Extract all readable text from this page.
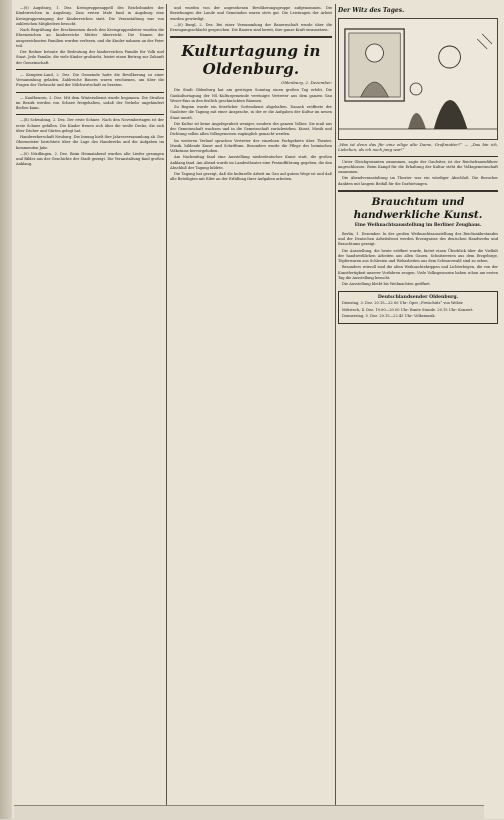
—(0) Augsburg, 1. Dez. Kreisgruppenappell des Reichsbundes der Kinderreichen in Augsburg. Zum ersten Male fand in Augsburg eine Kreisgruppentagung der Kinderreichen statt. Die Veranstaltung war von zahlreichen Mitgliedern besucht.

Nach Begrüßung der Erschienenen durch den Kreisgruppenleiter wurden die Ehrenzeichen an kinderreiche Mütter überreicht. Die Namen der ausgezeichneten Familien wurden verlesen, und die Kinder nahmen an der Feier teil.

Der Redner betonte die Bedeutung der kinderreichen Familie für Volk und Staat. Jede Familie, die viele Kinder großzieht, leistet einen Beitrag zur Zukunft der Gemeinschaft.

— Kempten-Land, 2. Dez. Die Gemeinde hatte die Bevölkerung zu einer Versammlung geladen. Zahlreiche Bauern waren erschienen, um über die Fragen der Viehzucht und der Milchwirtschaft zu beraten.

— Kaufbeuren, 2. Dez. Mit dem Wintersdienst wurde begonnen. Die Straßen im Bezirk werden von Schnee freigehalten, sodaß der Verkehr ungehindert fließen kann.

—(ß) Schwabing, 2. Dez. Der erste Schnee. Nach den Novembertagen ist der erste Schnee gefallen. Die Kinder freuen sich über die weiße Decke, die sich über Dächer und Gärten gelegt hat.

Handwerkerschaft Neuburg. Die Innung hielt ihre Jahresversammlung ab. Der Obermeister berichtete über die Lage des Handwerks und die Aufgaben im kommenden Jahr.

—(0) Nördlingen, 2. Dez. Beim Heimatabend wurden alte Lieder gesungen und Bilder aus der Geschichte der Stadt gezeigt. Die Veranstaltung fand großen Anklang.

und wurden von der angesehenen Bevölkerungsgruppe aufgenommen. Die Beziehungen der Lande und Gemeinden waren stets gut. Die Leistungen der Arbeit wurden gewürdigt.

—(0) Burgl, 2. Dez. Bei einer Versammlung der Bauernschaft wurde über die Erzeugungsschlacht gesprochen. Die Bauern sind bereit, ihre ganze Kraft einzusetzen.

Kulturtagung in Oldenburg.
Oldenburg, 2. Dezember.

Die Stadt Oldenburg hat am gestrigen Sonntag einen großen Tag erlebt. Die Gaukulturtagung der NS.-Kulturgemeinde vereinigte Vertreter aus dem ganzen Gau Weser-Ems in den festlich geschmückten Räumen.

Zu Beginn wurde ein feierlicher Gottesdienst abgehalten. Danach eröffnete der Gauleiter die Tagung mit einer Ansprache, in der er die Aufgaben der Kultur im neuen Staat umriß.

Die Kultur ist keine Angelegenheit weniger, sondern des ganzen Volkes. Sie muß aus der Gemeinschaft wachsen und in die Gemeinschaft zurückwirken. Kunst, Musik und Dichtung sollen allen Volksgenossen zugänglich gemacht werden.

Im weiteren Verlauf sprachen Vertreter der einzelnen Fachgebiete über Theater, Musik, bildende Kunst und Schrifttum. Besonders wurde die Pflege des heimischen Volkstums hervorgehoben.

Am Nachmittag fand eine Ausstellung niederdeutscher Kunst statt, die großen Anklang fand. Am Abend wurde im Landestheater eine Festaufführung gegeben, die den Abschluß der Tagung bildete.

Die Tagung hat gezeigt, daß die kulturelle Arbeit im Gau auf gutem Wege ist und daß alle Beteiligten mit Eifer an der Erfüllung ihrer Aufgaben arbeiten.

Der Witz des Tages.

„Was ist denn das für eine eilige alte Dame, Großmutter?“ — „Das bin ich, Liebchen, als ich noch jung war!“

Unter Gleichgesinnten zusammen, sagte der Gauleiter, ist der Reichsfrauenführer angeschlossen. Beim Kampf für die Erhaltung der Kultur steht die Volksgemeinschaft zusammen.

Die Abendveranstaltung im Theater war ein würdiger Abschluß. Die Besucher dankten mit langem Beifall für die Darbietungen.

Brauchtum und handwerkliche Kunst.
Eine Weihnachtsausstellung im Berliner Zeughaus.

Berlin, 1. Dezember. In der großen Weihnachtsausstellung des Reichsnährstandes und der Deutschen Arbeitsfront werden Erzeugnisse des deutschen Handwerks und Brauchtums gezeigt.

Die Ausstellung, die heute eröffnet wurde, bietet einen Überblick über die Vielfalt der handwerklichen Arbeiten aus allen Gauen. Schnitzereien aus dem Erzgebirge, Töpferwaren aus Schlesien und Webarbeiten aus dem Schwarzwald sind zu sehen.

Besonders reizvoll sind die alten Weihnachtskrippen und Lichterbögen, die von der Kunstfertigkeit unserer Vorfahren zeugen. Viele Volksgenossen haben schon am ersten Tag die Ausstellung besucht.

Die Ausstellung bleibt bis Weihnachten geöffnet.

Deutschlandsender Oldenburg.

Dienstag, 3. Dez. 20.15—22.00 Uhr: Oper „Freischütz“ von Weber.

Mittwoch, 4. Dez. 19.00—20.00 Uhr: Bunte Stunde. 20.15 Uhr: Konzert.

Donnerstag, 5. Dez. 20.15—22.45 Uhr: Volksmusik.
